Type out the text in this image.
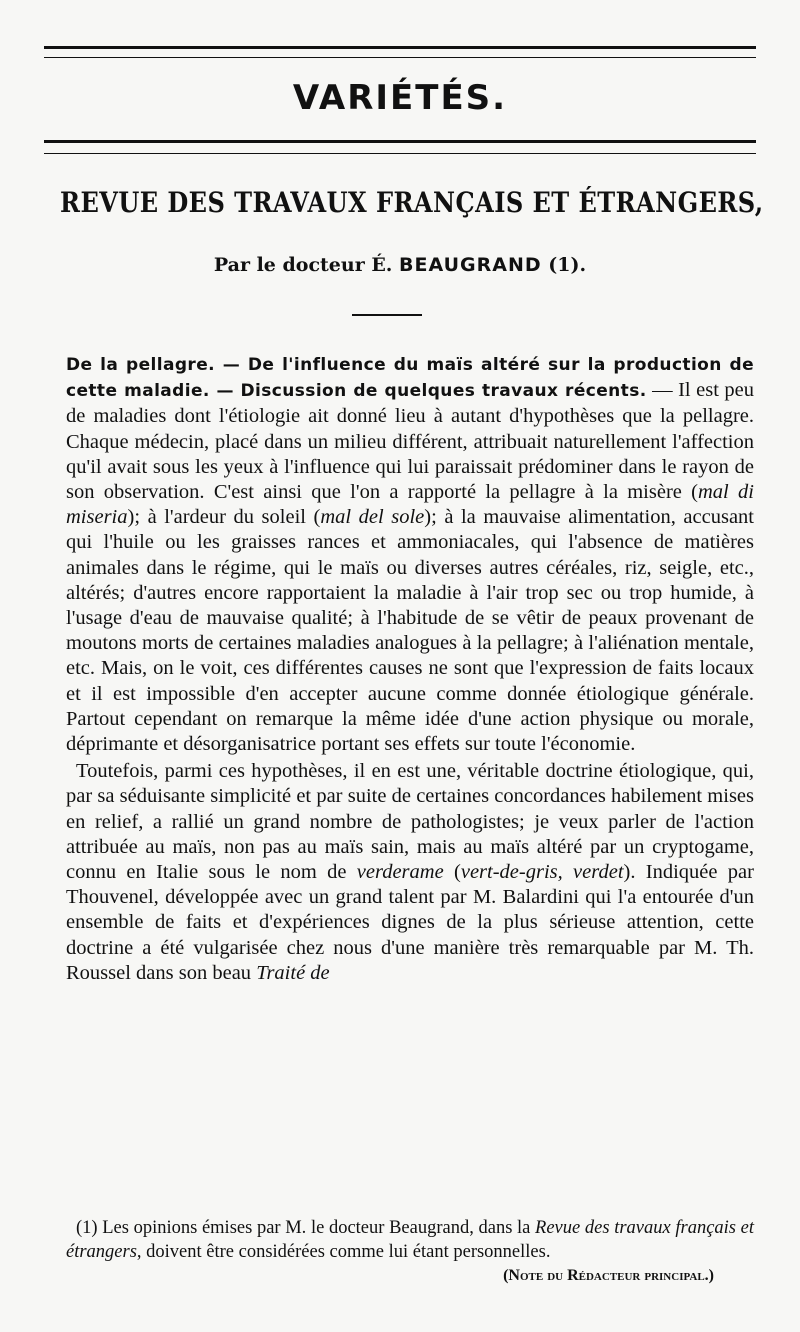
VARIÉTÉS.
REVUE DES TRAVAUX FRANÇAIS ET ÉTRANGERS,
Par le docteur É. BEAUGRAND (1).

De la pellagre. — De l'influence du maïs altéré sur la production de cette maladie. — Discussion de quelques travaux récents. — Il est peu de maladies dont l'étiologie ait donné lieu à autant d'hypothèses que la pellagre. Chaque médecin, placé dans un milieu différent, attribuait naturellement l'affection qu'il avait sous les yeux à l'influence qui lui paraissait prédominer dans le rayon de son observation. C'est ainsi que l'on a rapporté la pellagre à la misère (mal di miseria); à l'ardeur du soleil (mal del sole); à la mauvaise alimentation, accusant qui l'huile ou les graisses rances et ammoniacales, qui l'absence de matières animales dans le régime, qui le maïs ou diverses autres céréales, riz, seigle, etc., altérés; d'autres encore rapportaient la maladie à l'air trop sec ou trop humide, à l'usage d'eau de mauvaise qualité; à l'habitude de se vêtir de peaux provenant de moutons morts de certaines maladies analogues à la pellagre; à l'aliénation mentale, etc. Mais, on le voit, ces différentes causes ne sont que l'expression de faits locaux et il est impossible d'en accepter aucune comme donnée étiologique générale. Partout cependant on remarque la même idée d'une action physique ou morale, déprimante et désorganisatrice portant ses effets sur toute l'économie.

Toutefois, parmi ces hypothèses, il en est une, véritable doctrine étiologique, qui, par sa séduisante simplicité et par suite de certaines concordances habilement mises en relief, a rallié un grand nombre de pathologistes; je veux parler de l'action attribuée au maïs, non pas au maïs sain, mais au maïs altéré par un cryptogame, connu en Italie sous le nom de verderame (vert-de-gris, verdet). Indiquée par Thouvenel, développée avec un grand talent par M. Balardini qui l'a entourée d'un ensemble de faits et d'expériences dignes de la plus sérieuse attention, cette doctrine a été vulgarisée chez nous d'une manière très remarquable par M. Th. Roussel dans son beau Traité de

(1) Les opinions émises par M. le docteur Beaugrand, dans la Revue des travaux français et étrangers, doivent être considérées comme lui étant personnelles.
(Note du Rédacteur principal.)
